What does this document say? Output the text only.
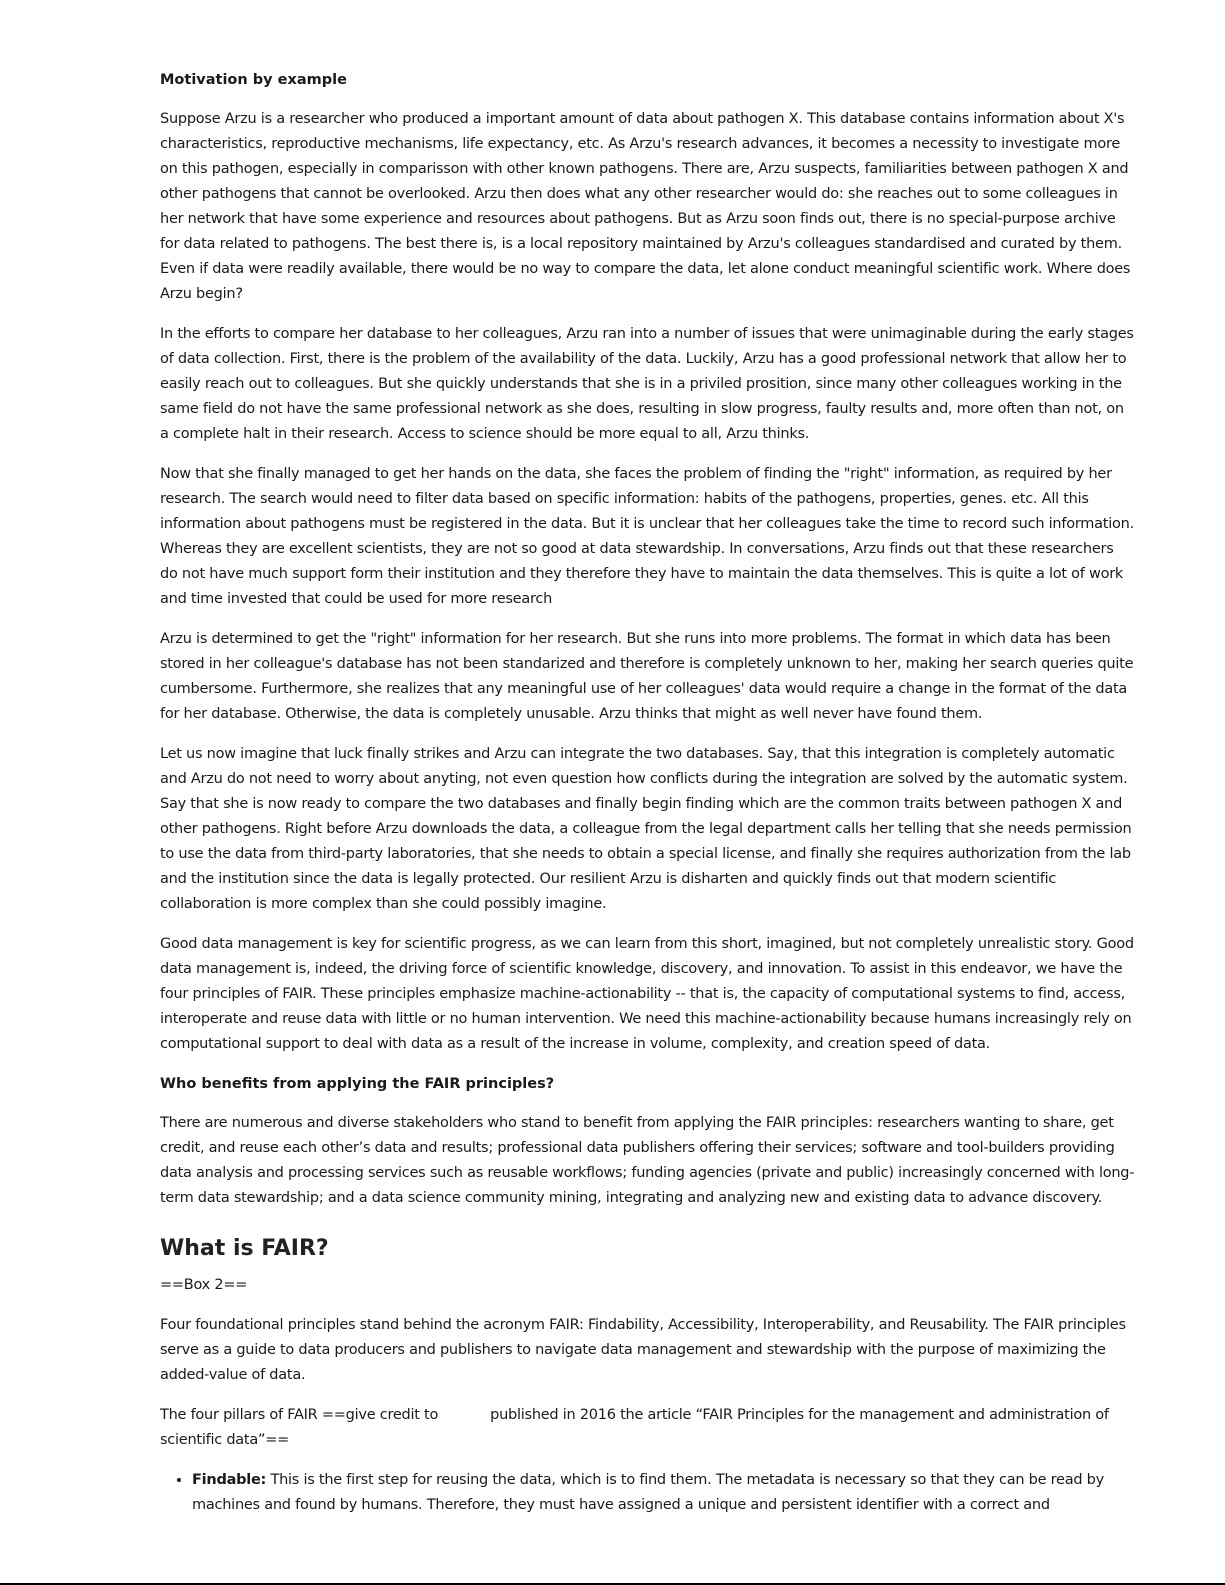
Motivation by example

Suppose Arzu is a researcher who produced a important amount of data about pathogen X. This database contains information about X's characteristics, reproductive mechanisms, life expectancy, etc. As Arzu's research advances, it becomes a necessity to investigate more on this pathogen, especially in comparisson with other known pathogens. There are, Arzu suspects, familiarities between pathogen X and other pathogens that cannot be overlooked. Arzu then does what any other researcher would do: she reaches out to some colleagues in her network that have some experience and resources about pathogens. But as Arzu soon finds out, there is no special-purpose archive for data related to pathogens. The best there is, is a local repository maintained by Arzu's colleagues standardised and curated by them. Even if data were readily available, there would be no way to compare the data, let alone conduct meaningful scientific work. Where does Arzu begin?

In the efforts to compare her database to her colleagues, Arzu ran into a number of issues that were unimaginable during the early stages of data collection. First, there is the problem of the availability of the data. Luckily, Arzu has a good professional network that allow her to easily reach out to colleagues. But she quickly understands that she is in a priviled prosition, since many other colleagues working in the same field do not have the same professional network as she does, resulting in slow progress, faulty results and, more often than not, on a complete halt in their research. Access to science should be more equal to all, Arzu thinks.

Now that she finally managed to get her hands on the data, she faces the problem of finding the "right" information, as required by her research. The search would need to filter data based on specific information: habits of the pathogens, properties, genes. etc. All this information about pathogens must be registered in the data. But it is unclear that her colleagues take the time to record such information. Whereas they are excellent scientists, they are not so good at data stewardship. In conversations, Arzu finds out that these researchers do not have much support form their institution and they therefore they have to maintain the data themselves. This is quite a lot of work and time invested that could be used for more research

Arzu is determined to get the "right" information for her research. But she runs into more problems. The format in which data has been stored in her colleague's database has not been standarized and therefore is completely unknown to her, making her search queries quite cumbersome. Furthermore, she realizes that any meaningful use of her colleagues' data would require a change in the format of the data for her database. Otherwise, the data is completely unusable. Arzu thinks that might as well never have found them.

Let us now imagine that luck finally strikes and Arzu can integrate the two databases. Say, that this integration is completely automatic and Arzu do not need to worry about anyting, not even question how conflicts during the integration are solved by the automatic system. Say that she is now ready to compare the two databases and finally begin finding which are the common traits between pathogen X and other pathogens. Right before Arzu downloads the data, a colleague from the legal department calls her telling that she needs permission to use the data from third-party laboratories, that she needs to obtain a special license, and finally she requires authorization from the lab and the institution since the data is legally protected. Our resilient Arzu is disharten and quickly finds out that modern scientific collaboration is more complex than she could possibly imagine.

Good data management is key for scientific progress, as we can learn from this short, imagined, but not completely unrealistic story. Good data management is, indeed, the driving force of scientific knowledge, discovery, and innovation. To assist in this endeavor, we have the four principles of FAIR. These principles emphasize machine-actionability -- that is, the capacity of computational systems to find, access, interoperate and reuse data with little or no human intervention. We need this machine-actionability because humans increasingly rely on computational support to deal with data as a result of the increase in volume, complexity, and creation speed of data.

Who benefits from applying the FAIR principles?

There are numerous and diverse stakeholders who stand to benefit from applying the FAIR principles: researchers wanting to share, get credit, and reuse each other’s data and results; professional data publishers offering their services; software and tool-builders providing data analysis and processing services such as reusable workflows; funding agencies (private and public) increasingly concerned with long-term data stewardship; and a data science community mining, integrating and analyzing new and existing data to advance discovery.

What is FAIR?

==Box 2==

Four foundational principles stand behind the acronym FAIR: Findability, Accessibility, Interoperability, and Reusability. The FAIR principles serve as a guide to data producers and publishers to navigate data management and stewardship with the purpose of maximizing the added-value of data.

The four pillars of FAIR ==give credit to	published in 2016 the article “FAIR Principles for the management and administration of scientific data”==

• Findable: This is the first step for reusing the data, which is to find them. The metadata is necessary so that they can be read by machines and found by humans. Therefore, they must have assigned a unique and persistent identifier with a correct and
